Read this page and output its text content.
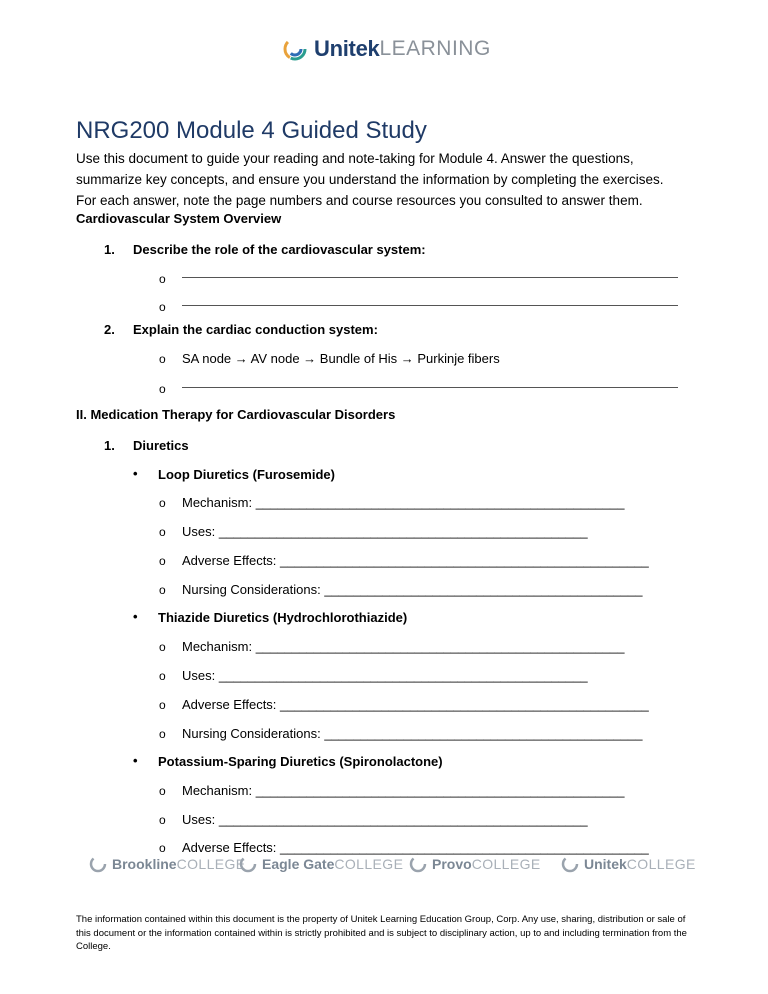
Unitek LEARNING
NRG200 Module 4 Guided Study
Use this document to guide your reading and note-taking for Module 4. Answer the questions, summarize key concepts, and ensure you understand the information by completing the exercises. For each answer, note the page numbers and course resources you consulted to answer them.
Cardiovascular System Overview
1. Describe the role of the cardiovascular system:
o
o
2. Explain the cardiac conduction system:
o SA node → AV node → Bundle of His → Purkinje fibers
o
II. Medication Therapy for Cardiovascular Disorders
1. Diuretics
• Loop Diuretics (Furosemide)
o Mechanism: ___________________________________________________
o Uses: ___________________________________________________
o Adverse Effects: ___________________________________________________
o Nursing Considerations: ____________________________________________
• Thiazide Diuretics (Hydrochlorothiazide)
o Mechanism: ___________________________________________________
o Uses: ___________________________________________________
o Adverse Effects: ___________________________________________________
o Nursing Considerations: ____________________________________________
• Potassium-Sparing Diuretics (Spironolactone)
o Mechanism: ___________________________________________________
o Uses: ___________________________________________________
o Adverse Effects: ___________________________________________________
Brookline COLLEGE Eagle Gate COLLEGE Provo COLLEGE	Unitek COLLEGE
The information contained within this document is the property of Unitek Learning Education Group, Corp. Any use, sharing, distribution or sale of this document or the information contained within is strictly prohibited and is subject to disciplinary action, up to and including termination from the College.
